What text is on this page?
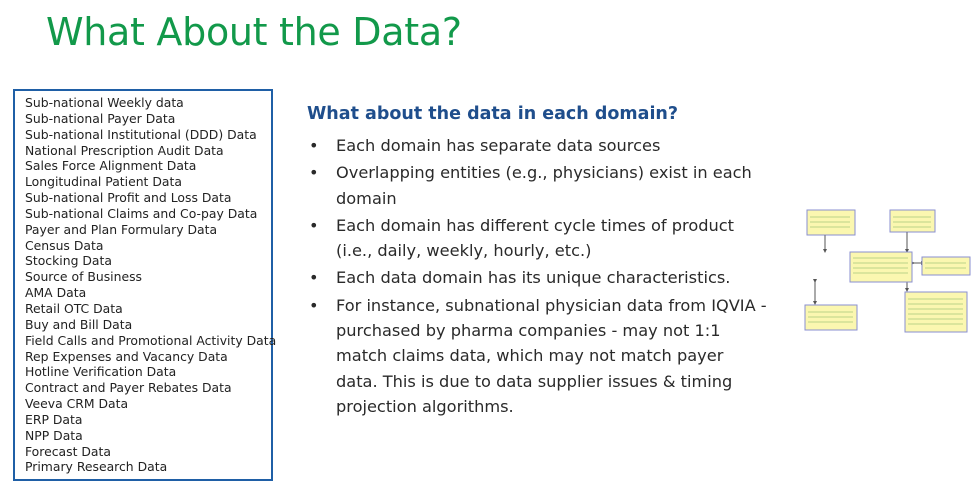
What About the Data?
Sub-national Weekly data
Sub-national Payer Data
Sub-national Institutional (DDD) Data
National Prescription Audit Data
Sales Force Alignment Data
Longitudinal Patient Data
Sub-national Profit and Loss Data
Sub-national Claims and Co-pay Data
Payer and Plan Formulary Data
Census Data
Stocking Data
Source of Business
AMA Data
Retail OTC Data
Buy and Bill Data
Field Calls and Promotional Activity Data
Rep Expenses and Vacancy Data
Hotline Verification Data
Contract and Payer Rebates Data
Veeva CRM Data
ERP Data
NPP Data
Forecast Data
Primary Research Data
What about the data in each domain?
• Each domain has separate data sources
• Overlapping entities (e.g., physicians) exist in each domain
• Each domain has different cycle times of product (i.e., daily, weekly, hourly, etc.)
• Each data domain has its unique characteristics.
• For instance, subnational physician data from IQVIA - purchased by pharma companies - may not 1:1 match claims data, which may not match payer data. This is due to data supplier issues & timing projection algorithms.
